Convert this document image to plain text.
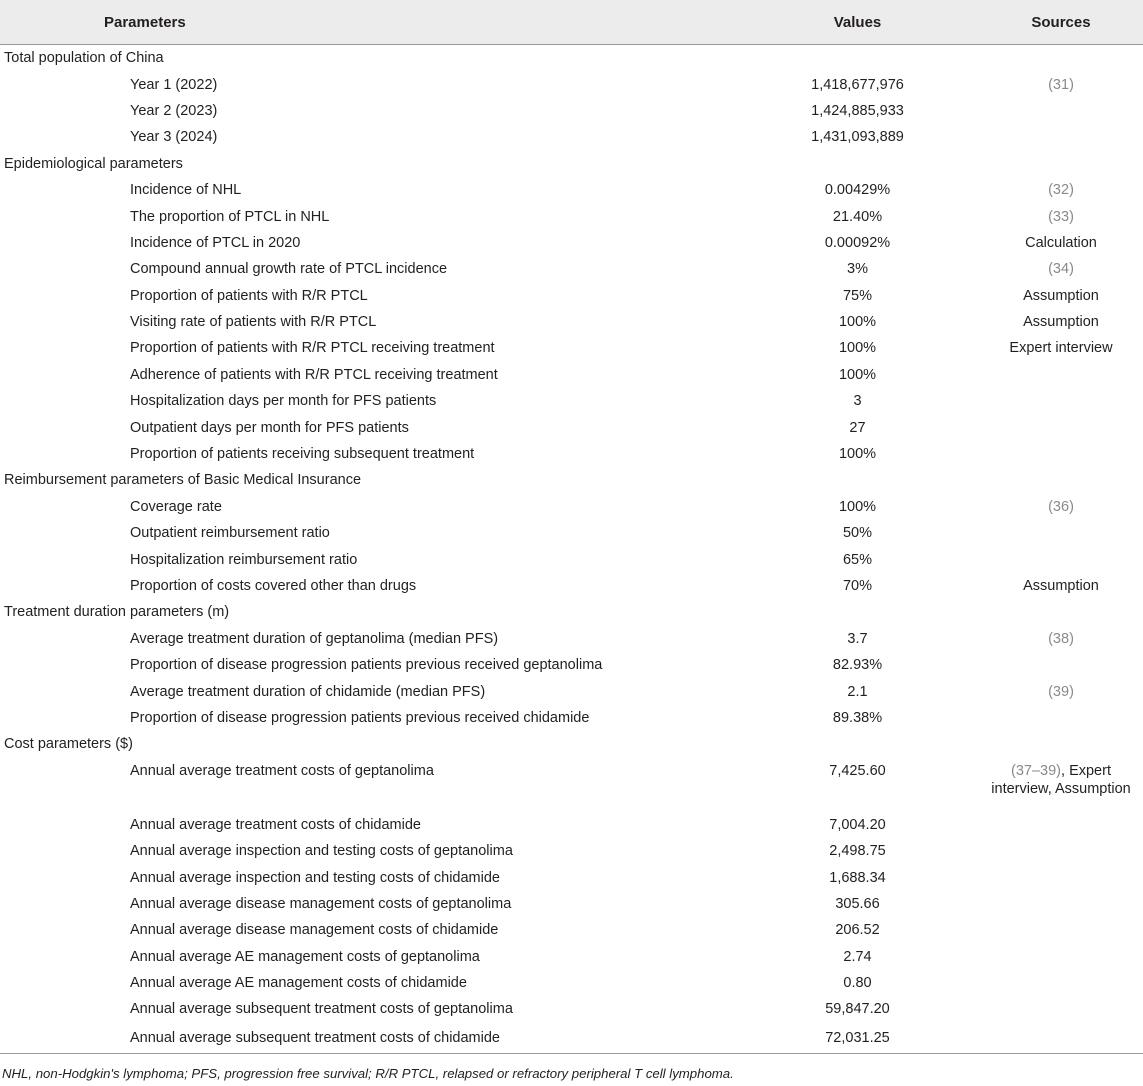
Parameters	Values	Sources
Total population of China		
Year 1 (2022)	1,418,677,976	(31)
Year 2 (2023)	1,424,885,933	
Year 3 (2024)	1,431,093,889	
Epidemiological parameters		
Incidence of NHL	0.00429%	(32)
The proportion of PTCL in NHL	21.40%	(33)
Incidence of PTCL in 2020	0.00092%	Calculation
Compound annual growth rate of PTCL incidence	3%	(34)
Proportion of patients with R/R PTCL	75%	Assumption
Visiting rate of patients with R/R PTCL	100%	Assumption
Proportion of patients with R/R PTCL receiving treatment	100%	Expert interview
Adherence of patients with R/R PTCL receiving treatment	100%	
Hospitalization days per month for PFS patients	3	
Outpatient days per month for PFS patients	27	
Proportion of patients receiving subsequent treatment	100%	
Reimbursement parameters of Basic Medical Insurance		
Coverage rate	100%	(36)
Outpatient reimbursement ratio	50%	
Hospitalization reimbursement ratio	65%	
Proportion of costs covered other than drugs	70%	Assumption
Treatment duration parameters (m)		
Average treatment duration of geptanolima (median PFS)	3.7	(38)
Proportion of disease progression patients previous received geptanolima	82.93%	
Average treatment duration of chidamide (median PFS)	2.1	(39)
Proportion of disease progression patients previous received chidamide	89.38%	
Cost parameters ($)		
Annual average treatment costs of geptanolima	7,425.60	(37–39), Expert
interview, Assumption
Annual average treatment costs of chidamide	7,004.20	
Annual average inspection and testing costs of geptanolima	2,498.75	
Annual average inspection and testing costs of chidamide	1,688.34	
Annual average disease management costs of geptanolima	305.66	
Annual average disease management costs of chidamide	206.52	
Annual average AE management costs of geptanolima	2.74	
Annual average AE management costs of chidamide	0.80	
Annual average subsequent treatment costs of geptanolima	59,847.20	
Annual average subsequent treatment costs of chidamide	72,031.25	
NHL, non-Hodgkin's lymphoma; PFS, progression free survival; R/R PTCL, relapsed or refractory peripheral T cell lymphoma.
